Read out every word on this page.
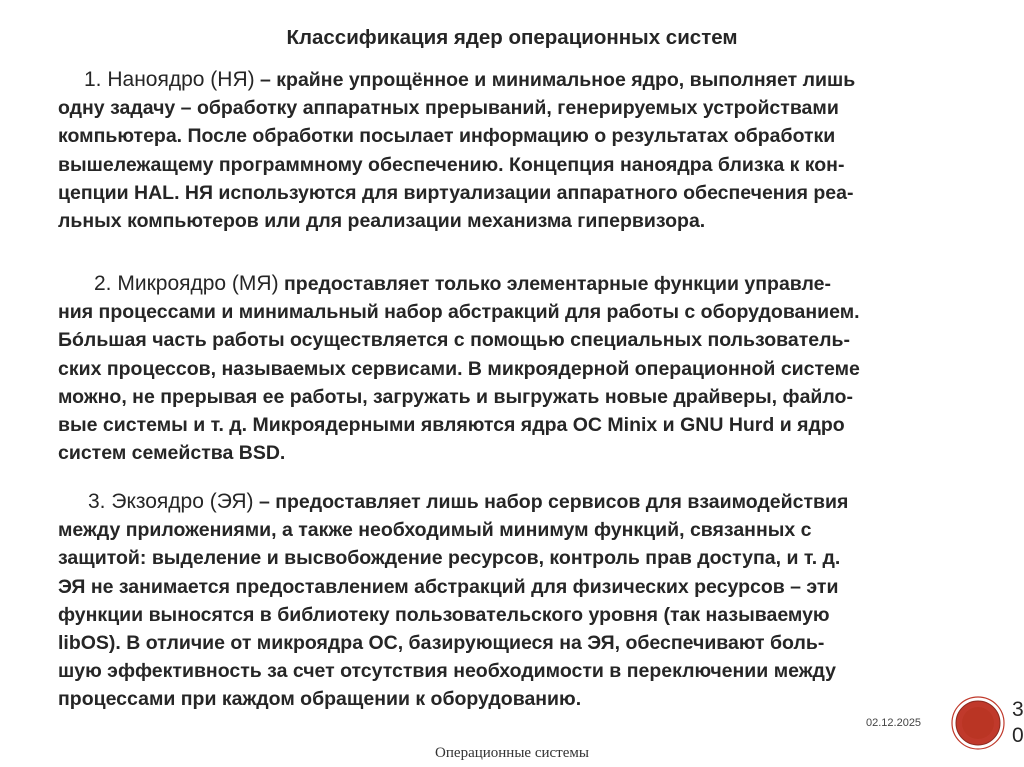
Классификация ядер операционных систем
1. Наноядро (НЯ) – крайне упрощённое и минимальное ядро, выполняет лишь
одну задачу – обработку аппаратных прерываний, генерируемых устройствами
компьютера. После обработки посылает информацию о результатах обработки
вышележащему программному обеспечению. Концепция наноядра близка к кон-
цепции HAL. НЯ используются для виртуализации аппаратного обеспечения реа-
льных компьютеров или для реализации механизма гипервизора.
2. Микроядро (МЯ) предоставляет только элементарные функции управле-
ния процессами и минимальный набор абстракций для работы с оборудованием.
Бóльшая часть работы осуществляется с помощью специальных пользователь-
ских процессов, называемых сервисами. В микроядерной операционной системе
можно, не прерывая ее работы, загружать и выгружать новые драйверы, файло-
вые системы и т. д. Микроядерными являются ядра ОС Minix и GNU Hurd и ядро
систем семейства BSD.
3. Экзоядро (ЭЯ) – предоставляет лишь набор сервисов для взаимодействия
между приложениями, а также необходимый минимум функций, связанных с
защитой: выделение и высвобождение ресурсов, контроль прав доступа, и т. д.
ЭЯ не занимается предоставлением абстракций для физических ресурсов – эти
функции выносятся в библиотеку пользовательского уровня (так называемую
libOS). В отличие от микроядра ОС, базирующиеся на ЭЯ, обеспечивают боль-
шую эффективность за счет отсутствия необходимости в переключении между
процессами при каждом обращении к оборудованию.
02.12.2025
3
0
Операционные системы
